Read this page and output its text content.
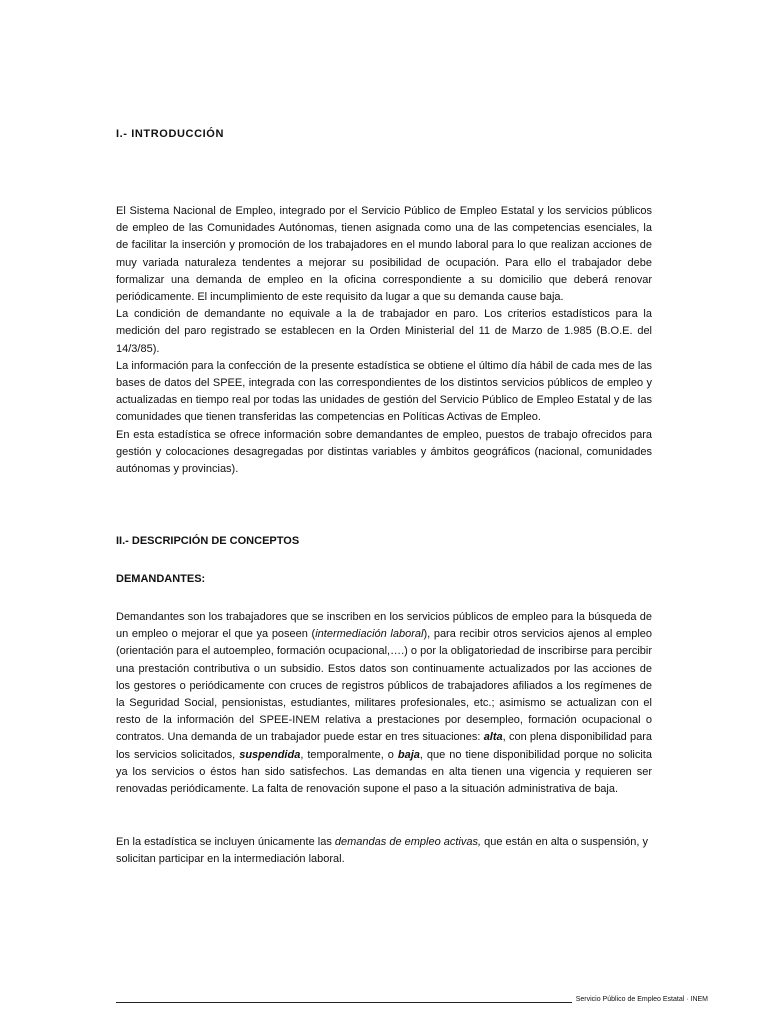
I.- INTRODUCCIÓN

El Sistema Nacional de Empleo, integrado por el Servicio Público de Empleo Estatal y los servicios públicos de empleo de las Comunidades Autónomas, tienen asignada como una de las competencias esenciales, la de facilitar la inserción y promoción de los trabajadores en el mundo laboral para lo que realizan acciones de muy variada naturaleza tendentes a mejorar su posibilidad de ocupación. Para ello el trabajador debe formalizar una demanda de empleo en la oficina correspondiente a su domicilio que deberá renovar periódicamente. El incumplimiento de este requisito da lugar a que su demanda cause baja.

La condición de demandante no equivale a la de trabajador en paro. Los criterios estadísticos para la medición del paro registrado se establecen en la Orden Ministerial del 11 de Marzo de 1.985 (B.O.E. del 14/3/85).

La información para la confección de la presente estadística se obtiene el último día hábil de cada mes de las bases de datos del SPEE, integrada con las correspondientes de los distintos servicios públicos de empleo y actualizadas en tiempo real por todas las unidades de gestión del Servicio Público de Empleo Estatal y de las comunidades que tienen transferidas las competencias en Políticas Activas de Empleo.

En esta estadística se ofrece información sobre demandantes de empleo, puestos de trabajo ofrecidos para gestión y colocaciones desagregadas por distintas variables y ámbitos geográficos (nacional, comunidades autónomas y provincias).

II.- DESCRIPCIÓN DE CONCEPTOS
DEMANDANTES:
Demandantes son los trabajadores que se inscriben en los servicios públicos de empleo para la búsqueda de un empleo o mejorar el que ya poseen (intermediación laboral), para recibir otros servicios ajenos al empleo (orientación para el autoempleo, formación ocupacional,….) o por la obligatoriedad de inscribirse para percibir una prestación contributiva o un subsidio. Estos datos son continuamente actualizados por las acciones de los gestores o periódicamente con cruces de registros públicos de trabajadores afiliados a los regímenes de la Seguridad Social, pensionistas, estudiantes, militares profesionales, etc.; asimismo se actualizan con el resto de la información del SPEE-INEM relativa a prestaciones por desempleo, formación ocupacional o contratos. Una demanda de un trabajador puede estar en tres situaciones: alta, con plena disponibilidad para los servicios solicitados, suspendida, temporalmente, o baja, que no tiene disponibilidad porque no solicita ya los servicios o éstos han sido satisfechos. Las demandas en alta tienen una vigencia y requieren ser renovadas periódicamente. La falta de renovación supone el paso a la situación administrativa de baja.
En la estadística se incluyen únicamente las demandas de empleo activas, que están en alta o suspensión, y solicitan participar en la intermediación laboral.
Servicio Público de Empleo Estatal · INEM
